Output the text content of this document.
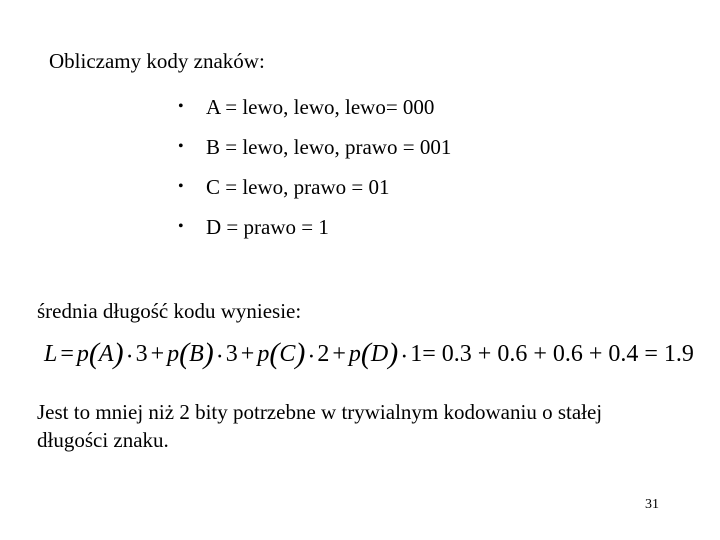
Obliczamy kody znaków:
•	A = lewo, lewo, lewo= 000
•	B = lewo, lewo, prawo = 001
•	C = lewo, prawo = 01
•	D = prawo = 1
średnia długość kodu wyniesie:
L = p(A)·3 + p(B)·3 + p(C)·2 + p(D)·1= 0.3 + 0.6 + 0.6 + 0.4 = 1.9
Jest to mniej niż 2 bity potrzebne w trywialnym kodowaniu o stałej długości znaku.
31
